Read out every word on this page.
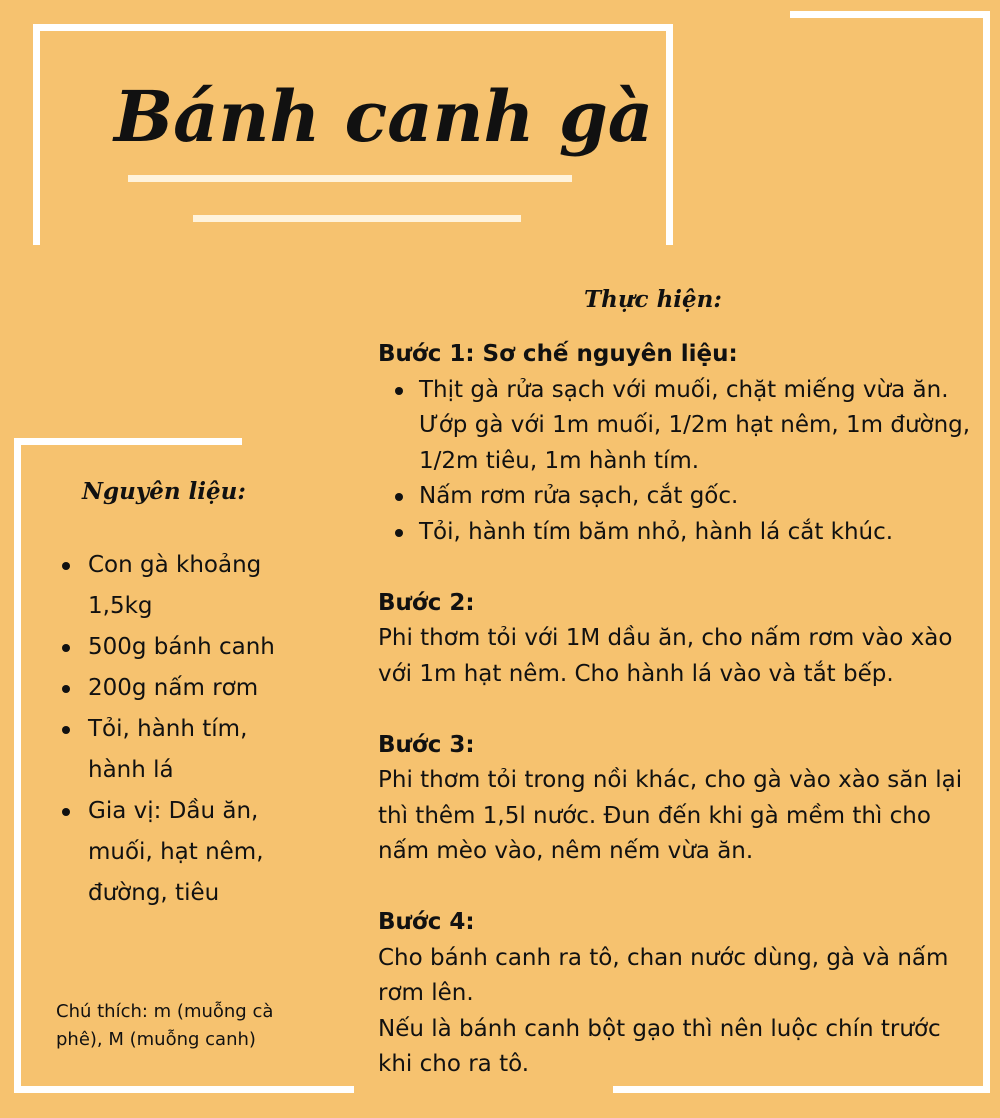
Bánh canh gà
Nguyên liệu:
Con gà khoảng 1,5kg
500g bánh canh
200g nấm rơm
Tỏi, hành tím, hành lá
Gia vị: Dầu ăn, muối, hạt nêm, đường, tiêu
Chú thích: m (muỗng cà phê), M (muỗng canh)
Thực hiện:

Bước 1: Sơ chế nguyên liệu:

Thịt gà rửa sạch với muối, chặt miếng vừa ăn. Ướp gà với 1m muối, 1/2m hạt nêm, 1m đường, 1/2m tiêu, 1m hành tím.
Nấm rơm rửa sạch, cắt gốc.
Tỏi, hành tím băm nhỏ, hành lá cắt khúc.

Bước 2:

Phi thơm tỏi với 1M dầu ăn, cho nấm rơm vào xào với 1m hạt nêm. Cho hành lá vào và tắt bếp.

Bước 3:

Phi thơm tỏi trong nồi khác, cho gà vào xào săn lại thì thêm 1,5l nước. Đun đến khi gà mềm thì cho nấm mèo vào, nêm nếm vừa ăn.

Bước 4:

Cho bánh canh ra tô, chan nước dùng, gà và nấm rơm lên.

Nếu là bánh canh bột gạo thì nên luộc chín trước khi cho ra tô.
